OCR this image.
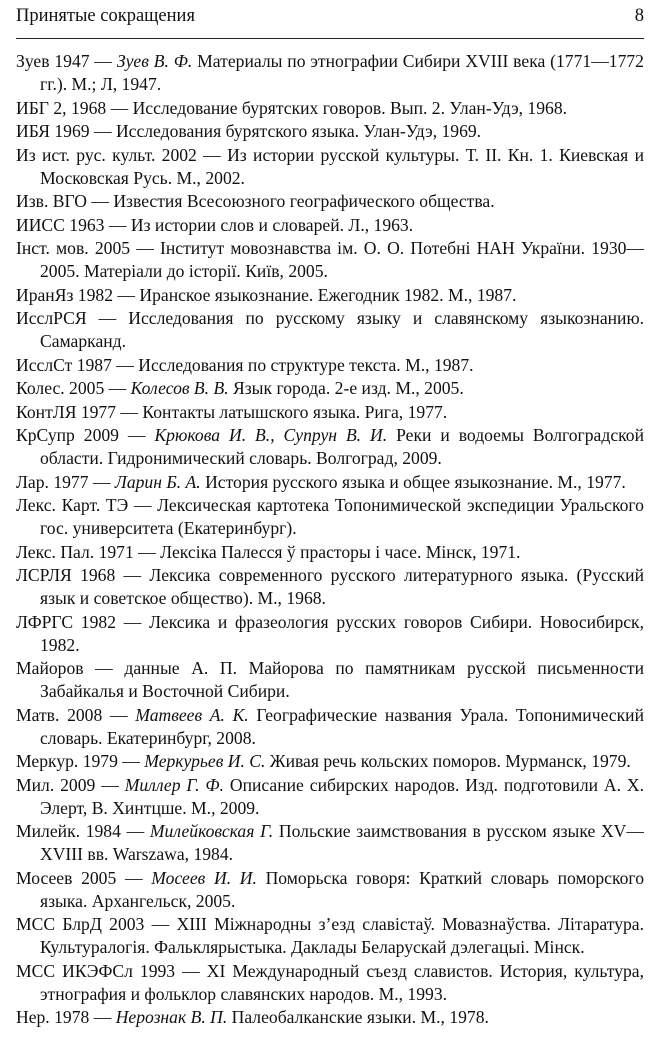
Принятые сокращения	8
Зуев 1947 — Зуев В. Ф. Материалы по этнографии Сибири XVIII века (1771—1772 гг.). М.; Л, 1947.
ИБГ 2, 1968 — Исследование бурятских говоров. Вып. 2. Улан-Удэ, 1968.
ИБЯ 1969 — Исследования бурятского языка. Улан-Удэ, 1969.
Из ист. рус. культ. 2002 — Из истории русской культуры. Т. II. Кн. 1. Киевская и Московская Русь. М., 2002.
Изв. ВГО — Известия Всесоюзного географического общества.
ИИСС 1963 — Из истории слов и словарей. Л., 1963.
Інст. мов. 2005 — Інститут мовознавства ім. О. О. Потебні НАН України. 1930—2005. Матеріали до історії. Київ, 2005.
ИранЯз 1982 — Иранское языкознание. Ежегодник 1982. М., 1987.
ИсслРСЯ — Исследования по русскому языку и славянскому языкознанию. Самарканд.
ИсслСт 1987 — Исследования по структуре текста. М., 1987.
Колес. 2005 — Колесов В. В. Язык города. 2-е изд. М., 2005.
КонтЛЯ 1977 — Контакты латышского языка. Рига, 1977.
КрСупр 2009 — Крюкова И. В., Супрун В. И. Реки и водоемы Волгоградской области. Гидронимический словарь. Волгоград, 2009.
Лар. 1977 — Ларин Б. А. История русского языка и общее языкознание. М., 1977.
Лекс. Карт. ТЭ — Лексическая картотека Топонимической экспедиции Уральского гос. университета (Екатеринбург).
Лекс. Пал. 1971 — Лексіка Палесся ў прасторы і часе. Мінск, 1971.
ЛСРЛЯ 1968 — Лексика современного русского литературного языка. (Русский язык и советское общество). М., 1968.
ЛФРГС 1982 — Лексика и фразеология русских говоров Сибири. Новосибирск, 1982.
Майоров — данные А. П. Майорова по памятникам русской письменности Забайкалья и Восточной Сибири.
Матв. 2008 — Матвеев А. К. Географические названия Урала. Топонимический словарь. Екатеринбург, 2008.
Меркур. 1979 — Меркурьев И. С. Живая речь кольских поморов. Мурманск, 1979.
Мил. 2009 — Миллер Г. Ф. Описание сибирских народов. Изд. подготовили А. Х. Элерт, В. Хинтцше. М., 2009.
Милейк. 1984 — Милейковская Г. Польские заимствования в русском языке XV—XVIII вв. Warszawa, 1984.
Мосеев 2005 — Мосеев И. И. Поморьска говоря: Краткий словарь поморского языка. Архангельск, 2005.
МСС БлрД 2003 — XIII Міжнародны з’езд славістаў. Мовазнаўства. Літаратура. Культуралогія. Фальклярыстыка. Даклады Беларускай дэлегацыі. Мінск.
МСС ИКЭФСл 1993 — XI Международный съезд славистов. История, культура, этнография и фольклор славянских народов. М., 1993.
Нер. 1978 — Нерознак В. П. Палеобалканские языки. М., 1978.
